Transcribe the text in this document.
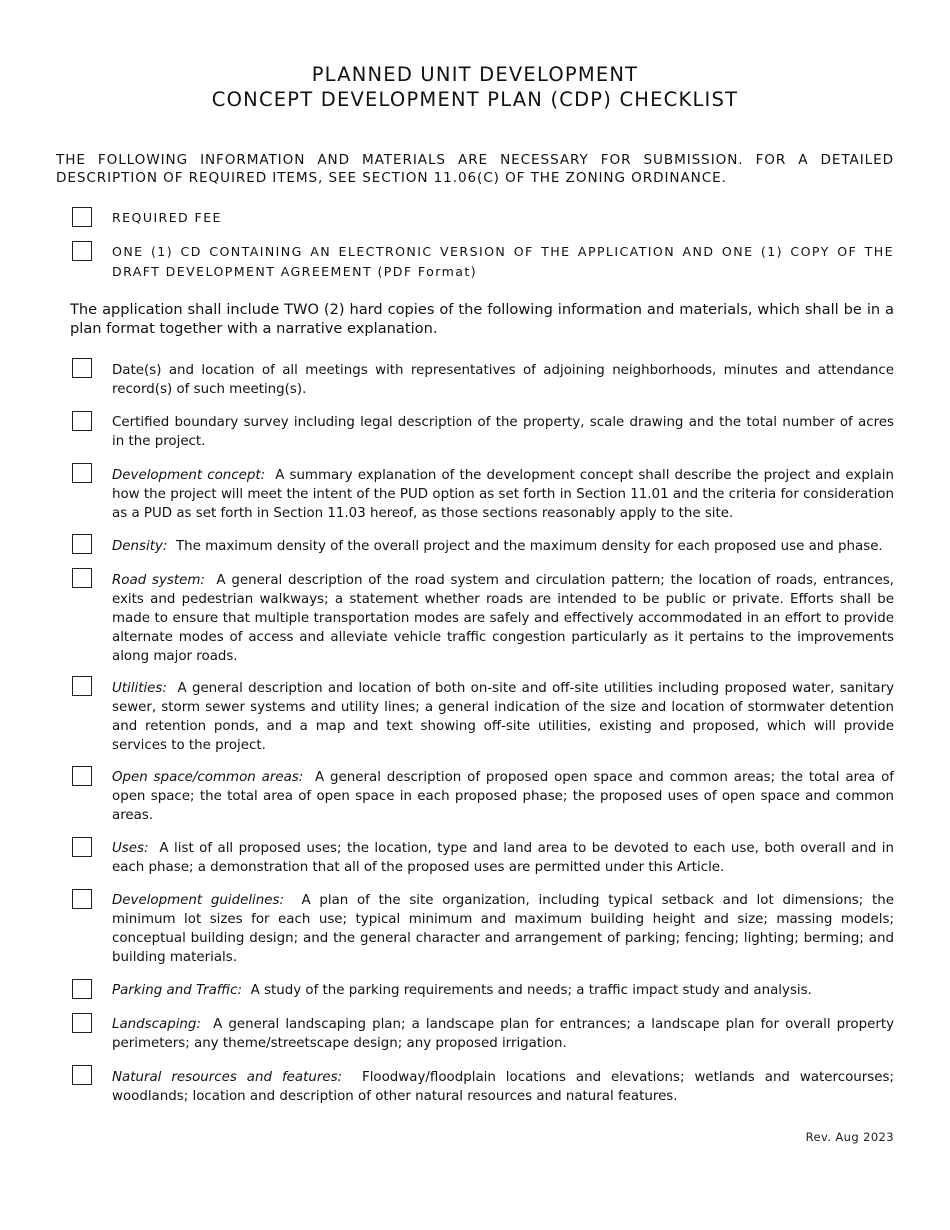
PLANNED UNIT DEVELOPMENT
CONCEPT DEVELOPMENT PLAN (CDP) CHECKLIST
THE FOLLOWING INFORMATION AND MATERIALS ARE NECESSARY FOR SUBMISSION. FOR A DETAILED
DESCRIPTION OF REQUIRED ITEMS, SEE SECTION 11.06(C) OF THE ZONING ORDINANCE.
REQUIRED FEE
ONE (1) CD CONTAINING AN ELECTRONIC VERSION OF THE APPLICATION AND ONE (1) COPY OF THE DRAFT DEVELOPMENT AGREEMENT (PDF Format)
The application shall include TWO (2) hard copies of the following information and materials, which shall be in a plan format together with a narrative explanation.
Date(s) and location of all meetings with representatives of adjoining neighborhoods, minutes and attendance record(s) of such meeting(s).
Certified boundary survey including legal description of the property, scale drawing and the total number of acres in the project.
Development concept: A summary explanation of the development concept shall describe the project and explain how the project will meet the intent of the PUD option as set forth in Section 11.01 and the criteria for consideration as a PUD as set forth in Section 11.03 hereof, as those sections reasonably apply to the site.
Density: The maximum density of the overall project and the maximum density for each proposed use and phase.
Road system: A general description of the road system and circulation pattern; the location of roads, entrances, exits and pedestrian walkways; a statement whether roads are intended to be public or private. Efforts shall be made to ensure that multiple transportation modes are safely and effectively accommodated in an effort to provide alternate modes of access and alleviate vehicle traffic congestion particularly as it pertains to the improvements along major roads.
Utilities: A general description and location of both on-site and off-site utilities including proposed water, sanitary sewer, storm sewer systems and utility lines; a general indication of the size and location of stormwater detention and retention ponds, and a map and text showing off-site utilities, existing and proposed, which will provide services to the project.
Open space/common areas: A general description of proposed open space and common areas; the total area of open space; the total area of open space in each proposed phase; the proposed uses of open space and common areas.
Uses: A list of all proposed uses; the location, type and land area to be devoted to each use, both overall and in each phase; a demonstration that all of the proposed uses are permitted under this Article.
Development guidelines: A plan of the site organization, including typical setback and lot dimensions; the minimum lot sizes for each use; typical minimum and maximum building height and size; massing models; conceptual building design; and the general character and arrangement of parking; fencing; lighting; berming; and building materials.
Parking and Traffic: A study of the parking requirements and needs; a traffic impact study and analysis.
Landscaping: A general landscaping plan; a landscape plan for entrances; a landscape plan for overall property perimeters; any theme/streetscape design; any proposed irrigation.
Natural resources and features: Floodway/floodplain locations and elevations; wetlands and watercourses; woodlands; location and description of other natural resources and natural features.
Rev. Aug 2023
